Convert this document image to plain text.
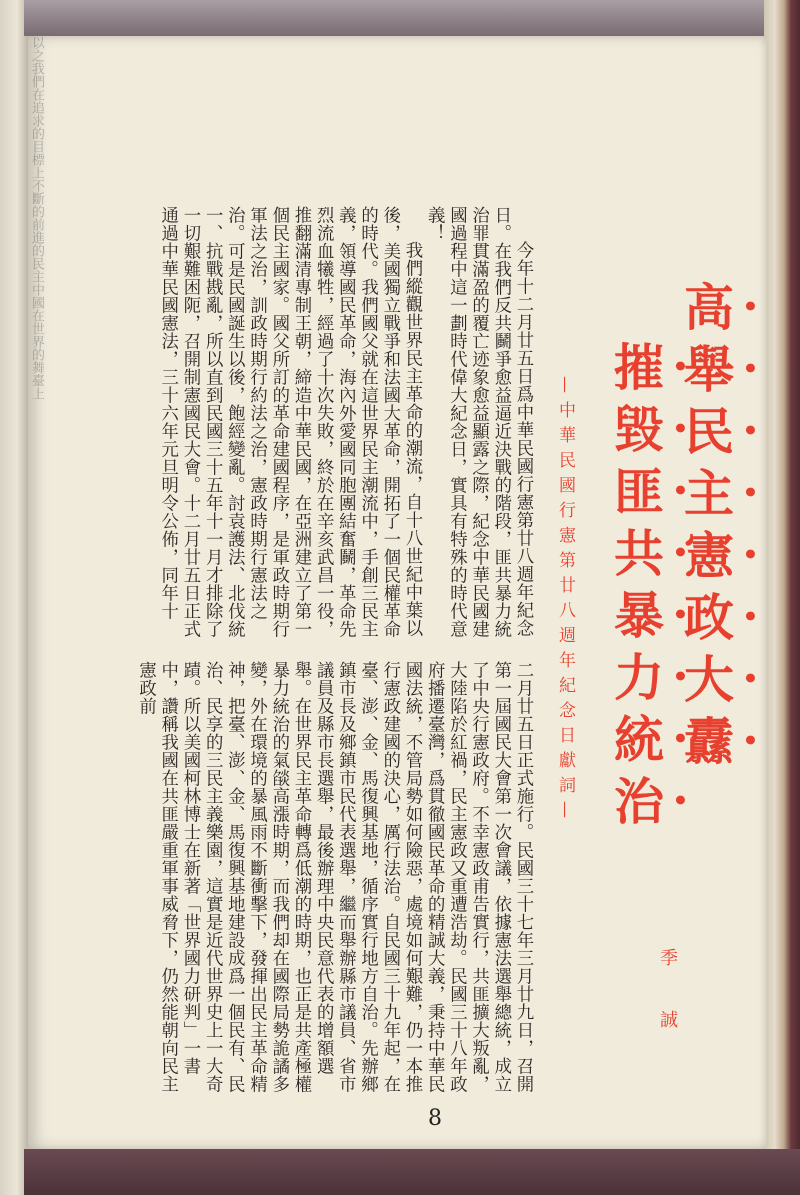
以之我們在追求的目標上不斷的前進的民主中國在世界的舞臺上
高舉民主憲政大纛
摧毀匪共暴力統治
—中華民國行憲第廿八週年紀念日獻詞—
季誠

今年十二月廿五日爲中華民國行憲第廿八週年紀念日。在我們反共鬭爭愈益逼近決戰的階段，匪共暴力統治罪貫滿盈的覆亡迹象愈益顯露之際，紀念中華民國建國過程中這一劃時代偉大紀念日，實具有特殊的時代意義！

我們縱觀世界民主革命的潮流，自十八世紀中葉以後，美國獨立戰爭和法國大革命，開拓了一個民權革命的時代。我們國父就在這世界民主潮流中，手創三民主義，領導國民革命，海內外愛國同胞團結奮鬭，革命先烈流血犧牲，經過了十次失敗，終於在辛亥武昌一役，推翻滿清專制王朝，締造中華民國，在亞洲建立了第一個民主國家。國父所訂的革命建國程序，是軍政時期行軍法之治，訓政時期行約法之治，憲政時期行憲法之治。可是民國誕生以後，飽經變亂。討袁護法、北伐統一、抗戰戡亂，所以直到民國三十五年十一月才排除了一切艱難困阨，召開制憲國民大會。十二月廿五日正式通過中華民國憲法，三十六年元旦明令公佈，同年十

二月廿五日正式施行。民國三十七年三月廿九日，召開第一屆國民大會第一次會議，依據憲法選舉總統，成立了中央行憲政府。不幸憲政甫告實行，共匪擴大叛亂，大陸陷於紅禍，民主憲政又重遭浩劫。民國三十八年政府播遷臺灣，爲貫徹國民革命的精誠大義，秉持中華民國法統，不管局勢如何險惡，處境如何艱難，仍一本推行憲政建國的決心，厲行法治。自民國三十九年起，在臺、澎、金、馬復興基地，循序實行地方自治。先辦鄉鎮市長及鄉鎮市民代表選舉，繼而舉辦縣市議員、省市議員及縣市長選舉，最後辦理中央民意代表的增額選舉。在世界民主革命轉爲低潮的時期，也正是共產極權暴力統治的氣燄高漲時期，而我們却在國際局勢詭譎多變，外在環境的暴風雨不斷衝擊下，發揮出民主革命精神，把臺、澎、金、馬復興基地建設成爲一個民有、民治、民享的三民主義樂園，這實是近代世界史上一大奇蹟。所以美國柯林博士在新著「世界國力研判」一書中，讚稱我國在共匪嚴重軍事威脅下，仍然能朝向民主憲政前

8
